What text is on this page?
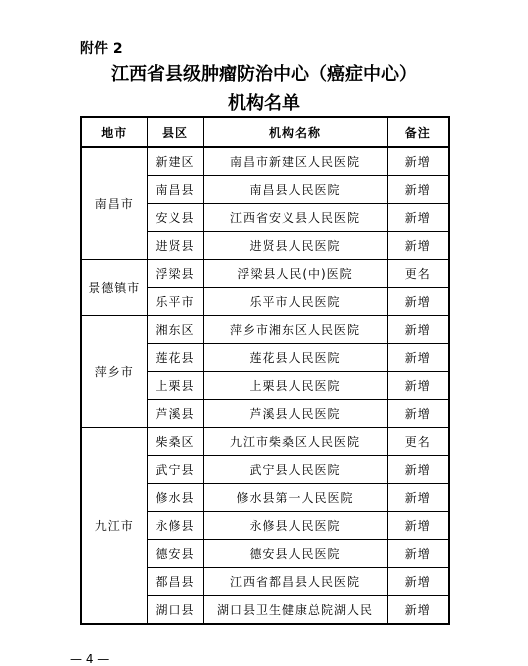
附件 2
江西省县级肿瘤防治中心（癌症中心）
机构名单
地市	县区	机构名称	备注
南昌市	新建区	南昌市新建区人民医院	新增
	南昌县	南昌县人民医院	新增
	安义县	江西省安义县人民医院	新增
	进贤县	进贤县人民医院	新增
景德镇市	浮梁县	浮梁县人民(中)医院	更名
	乐平市	乐平市人民医院	新增
萍乡市	湘东区	萍乡市湘东区人民医院	新增
	莲花县	莲花县人民医院	新增
	上栗县	上栗县人民医院	新增
	芦溪县	芦溪县人民医院	新增
九江市	柴桑区	九江市柴桑区人民医院	更名
	武宁县	武宁县人民医院	新增
	修水县	修水县第一人民医院	新增
	永修县	永修县人民医院	新增
	德安县	德安县人民医院	新增
	都昌县	江西省都昌县人民医院	新增
	湖口县	湖口县卫生健康总院湖人民	新增
— 4 —
